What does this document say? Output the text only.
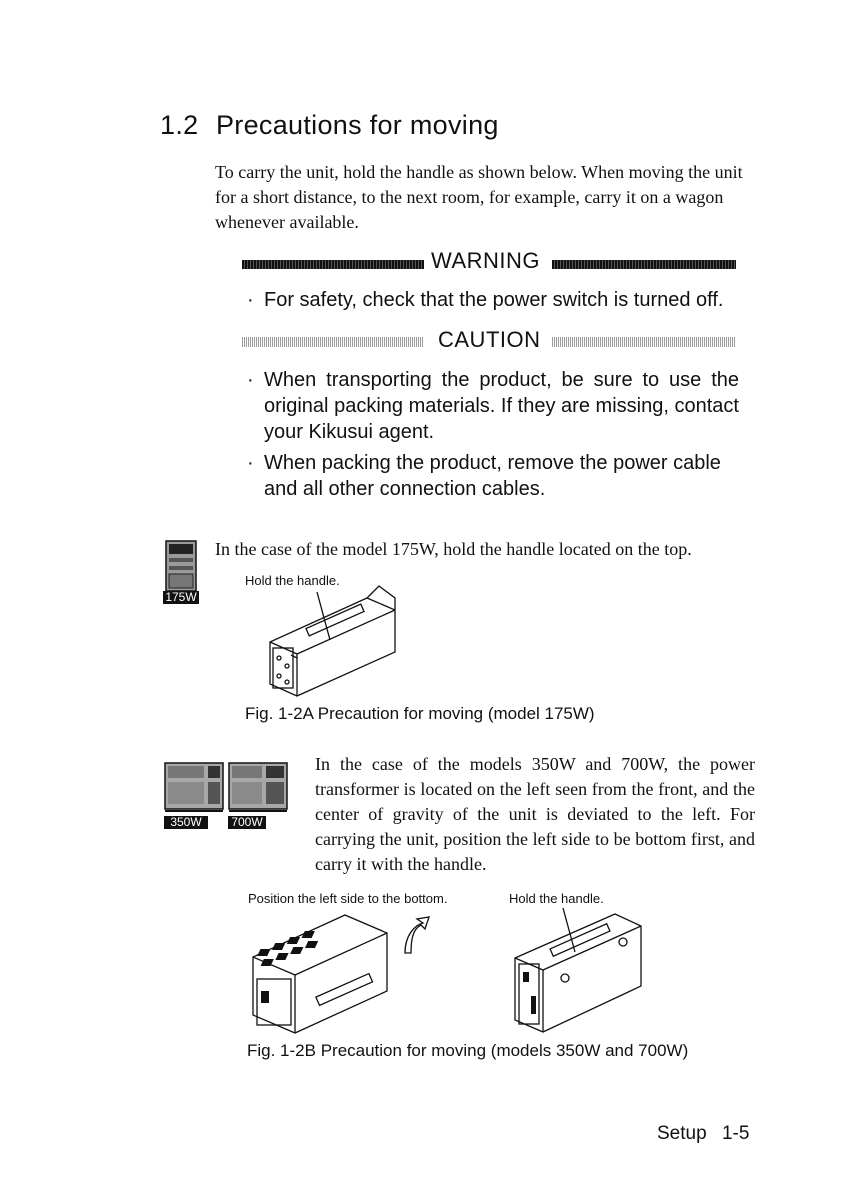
1.2 Precautions for moving
To carry the unit, hold the handle as shown below. When moving the unit for a short distance, to the next room, for example, carry it on a wagon whenever available.
WARNING
· For safety, check that the power switch is turned off.
CAUTION
· When transporting the product, be sure to use the original packing materials. If they are missing, contact your Kikusui agent.
· When packing the product, remove the power cable and all other connection cables.
175W
In the case of the model 175W, hold the handle located on the top.
Hold the handle.
Fig. 1-2A Precaution for moving (model 175W)
350W	700W
In the case of the models 350W and 700W, the power transformer is located on the left seen from the front, and the center of gravity of the unit is deviated to the left. For carrying the unit, position the left side to be bottom first, and carry it with the handle.
Position the left side to the bottom.	Hold the handle.
Fig. 1-2B Precaution for moving (models 350W and 700W)
Setup 1-5
